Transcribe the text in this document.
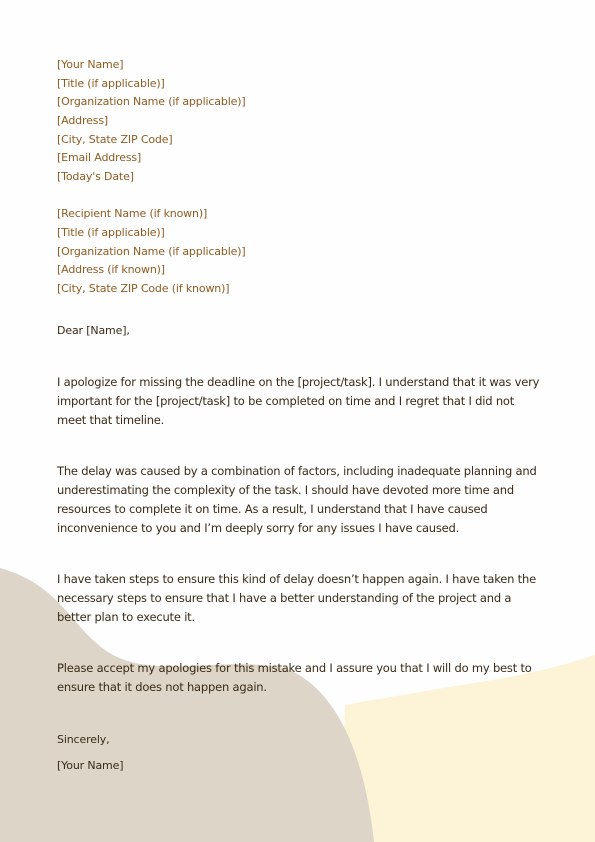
[Your Name]
[Title (if applicable)]
[Organization Name (if applicable)]
[Address]
[City, State ZIP Code]
[Email Address]
[Today's Date]
[Recipient Name (if known)]
[Title (if applicable)]
[Organization Name (if applicable)]
[Address (if known)]
[City, State ZIP Code (if known)]
Dear [Name],
I apologize for missing the deadline on the [project/task]. I understand that it was very important for the [project/task] to be completed on time and I regret that I did not meet that timeline.
The delay was caused by a combination of factors, including inadequate planning and underestimating the complexity of the task. I should have devoted more time and resources to complete it on time. As a result, I understand that I have caused inconvenience to you and I’m deeply sorry for any issues I have caused.
I have taken steps to ensure this kind of delay doesn’t happen again. I have taken the necessary steps to ensure that I have a better understanding of the project and a better plan to execute it.
Please accept my apologies for this mistake and I assure you that I will do my best to ensure that it does not happen again.
Sincerely,
[Your Name]
